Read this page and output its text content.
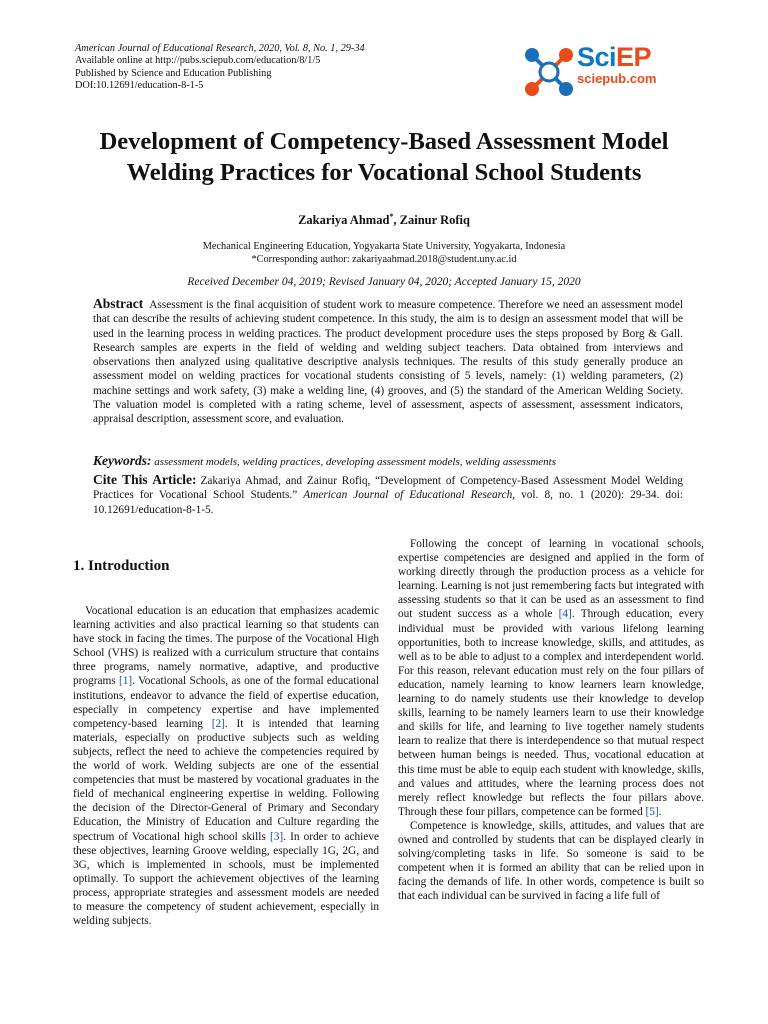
American Journal of Educational Research, 2020, Vol. 8, No. 1, 29-34
Available online at http://pubs.sciepub.com/education/8/1/5
Published by Science and Education Publishing
DOI:10.12691/education-8-1-5
SciEP
sciepub.com
Development of Competency-Based Assessment Model
Welding Practices for Vocational School Students
Zakariya Ahmad*, Zainur Rofiq
Mechanical Engineering Education, Yogyakarta State University, Yogyakarta, Indonesia
*Corresponding author: zakariyaahmad.2018@student.uny.ac.id
Received December 04, 2019; Revised January 04, 2020; Accepted January 15, 2020
Abstract Assessment is the final acquisition of student work to measure competence. Therefore we need an assessment model that can describe the results of achieving student competence. In this study, the aim is to design an assessment model that will be used in the learning process in welding practices. The product development procedure uses the steps proposed by Borg & Gall. Research samples are experts in the field of welding and welding subject teachers. Data obtained from interviews and observations then analyzed using qualitative descriptive analysis techniques. The results of this study generally produce an assessment model on welding practices for vocational students consisting of 5 levels, namely: (1) welding parameters, (2) machine settings and work safety, (3) make a welding line, (4) grooves, and (5) the standard of the American Welding Society. The valuation model is completed with a rating scheme, level of assessment, aspects of assessment, assessment indicators, appraisal description, assessment score, and evaluation.
Keywords: assessment models, welding practices, developing assessment models, welding assessments
Cite This Article: Zakariya Ahmad, and Zainur Rofiq, “Development of Competency-Based Assessment Model Welding Practices for Vocational School Students.” American Journal of Educational Research, vol. 8, no. 1 (2020): 29-34. doi: 10.12691/education-8-1-5.
1. Introduction

Vocational education is an education that emphasizes academic learning activities and also practical learning so that students can have stock in facing the times. The purpose of the Vocational High School (VHS) is realized with a curriculum structure that contains three programs, namely normative, adaptive, and productive programs [1]. Vocational Schools, as one of the formal educational institutions, endeavor to advance the field of expertise education, especially in competency expertise and have implemented competency-based learning [2]. It is intended that learning materials, especially on productive subjects such as welding subjects, reflect the need to achieve the competencies required by the world of work. Welding subjects are one of the essential competencies that must be mastered by vocational graduates in the field of mechanical engineering expertise in welding. Following the decision of the Director-General of Primary and Secondary Education, the Ministry of Education and Culture regarding the spectrum of Vocational high school skills [3]. In order to achieve these objectives, learning Groove welding, especially 1G, 2G, and 3G, which is implemented in schools, must be implemented optimally. To support the achievement objectives of the learning process, appropriate strategies and assessment models are needed to measure the competency of student achievement, especially in welding subjects.

Following the concept of learning in vocational schools, expertise competencies are designed and applied in the form of working directly through the production process as a vehicle for learning. Learning is not just remembering facts but integrated with assessing students so that it can be used as an assessment to find out student success as a whole [4]. Through education, every individual must be provided with various lifelong learning opportunities, both to increase knowledge, skills, and attitudes, as well as to be able to adjust to a complex and interdependent world. For this reason, relevant education must rely on the four pillars of education, namely learning to know learners learn knowledge, learning to do namely students use their knowledge to develop skills, learning to be namely learners learn to use their knowledge and skills for life, and learning to live together namely students learn to realize that there is interdependence so that mutual respect between human beings is needed. Thus, vocational education at this time must be able to equip each student with knowledge, skills, and values and attitudes, where the learning process does not merely reflect knowledge but reflects the four pillars above. Through these four pillars, competence can be formed [5].

Competence is knowledge, skills, attitudes, and values that are owned and controlled by students that can be displayed clearly in solving/completing tasks in life. So someone is said to be competent when it is formed an ability that can be relied upon in facing the demands of life. In other words, competence is built so that each individual can be survived in facing a life full of
